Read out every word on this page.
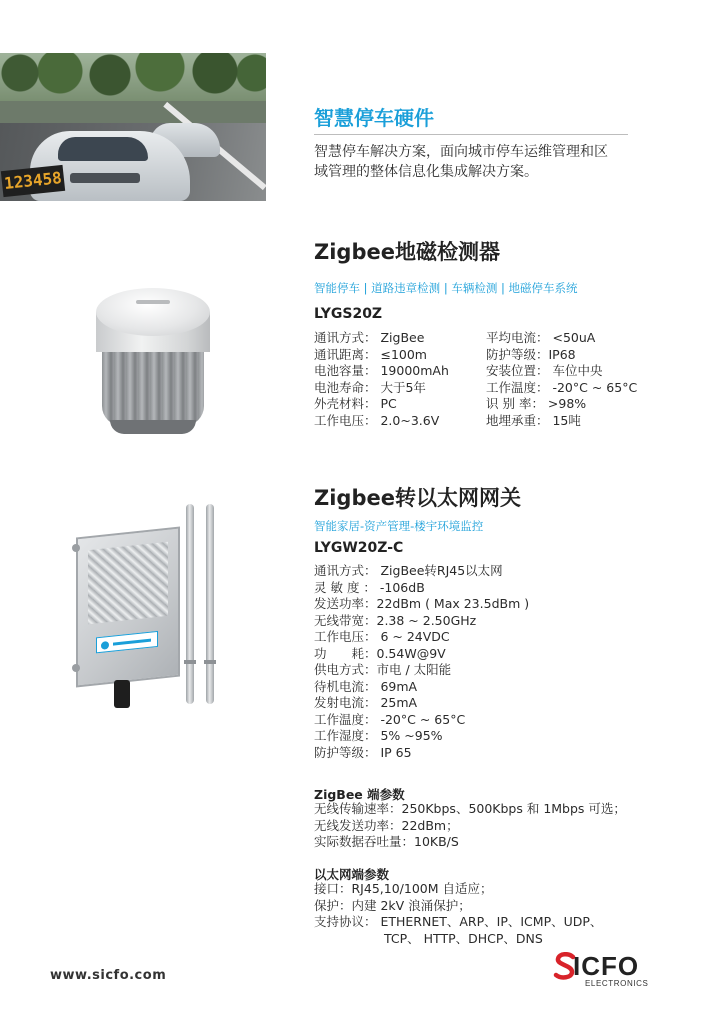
123458
智慧停车硬件
智慧停车解决方案，面向城市停车运维管理和区
域管理的整体信息化集成解决方案。
Zigbee地磁检测器
智能停车 | 道路违章检测 | 车辆检测 | 地磁停车系统
LYGS20Z
通讯方式： ZigBee
通讯距离： ≤100m
电池容量： 19000mAh
电池寿命： 大于5年
外壳材料： PC
工作电压： 2.0~3.6V
平均电流： <50uA
防护等级：IP68
安装位置： 车位中央
工作温度： -20°C ~ 65°C
识 别 率： >98%
地埋承重： 15吨
Zigbee转以太网网关
智能家居-资产管理-楼宇环境监控
LYGW20Z-C
通讯方式： ZigBee转RJ45以太网
灵 敏 度 ： -106dB
发送功率：22dBm ( Max 23.5dBm )
无线带宽：2.38 ~ 2.50GHz
工作电压： 6 ~ 24VDC
功　　耗：0.54W@9V
供电方式：市电 / 太阳能
待机电流： 69mA
发射电流： 25mA
工作温度： -20°C ~ 65°C
工作湿度： 5% ~95%
防护等级： IP 65
ZigBee 端参数
无线传输速率：250Kbps、500Kbps 和 1Mbps 可选；
无线发送功率：22dBm；
实际数据吞吐量：10KB/S
以太网端参数
接口：RJ45,10/100M 自适应；
保护：内建 2kV 浪涌保护；
支持协议： ETHERNET、ARP、IP、ICMP、UDP、
TCP、 HTTP、DHCP、DNS
www.sicfo.com	ICFO
ELECTRONICS
